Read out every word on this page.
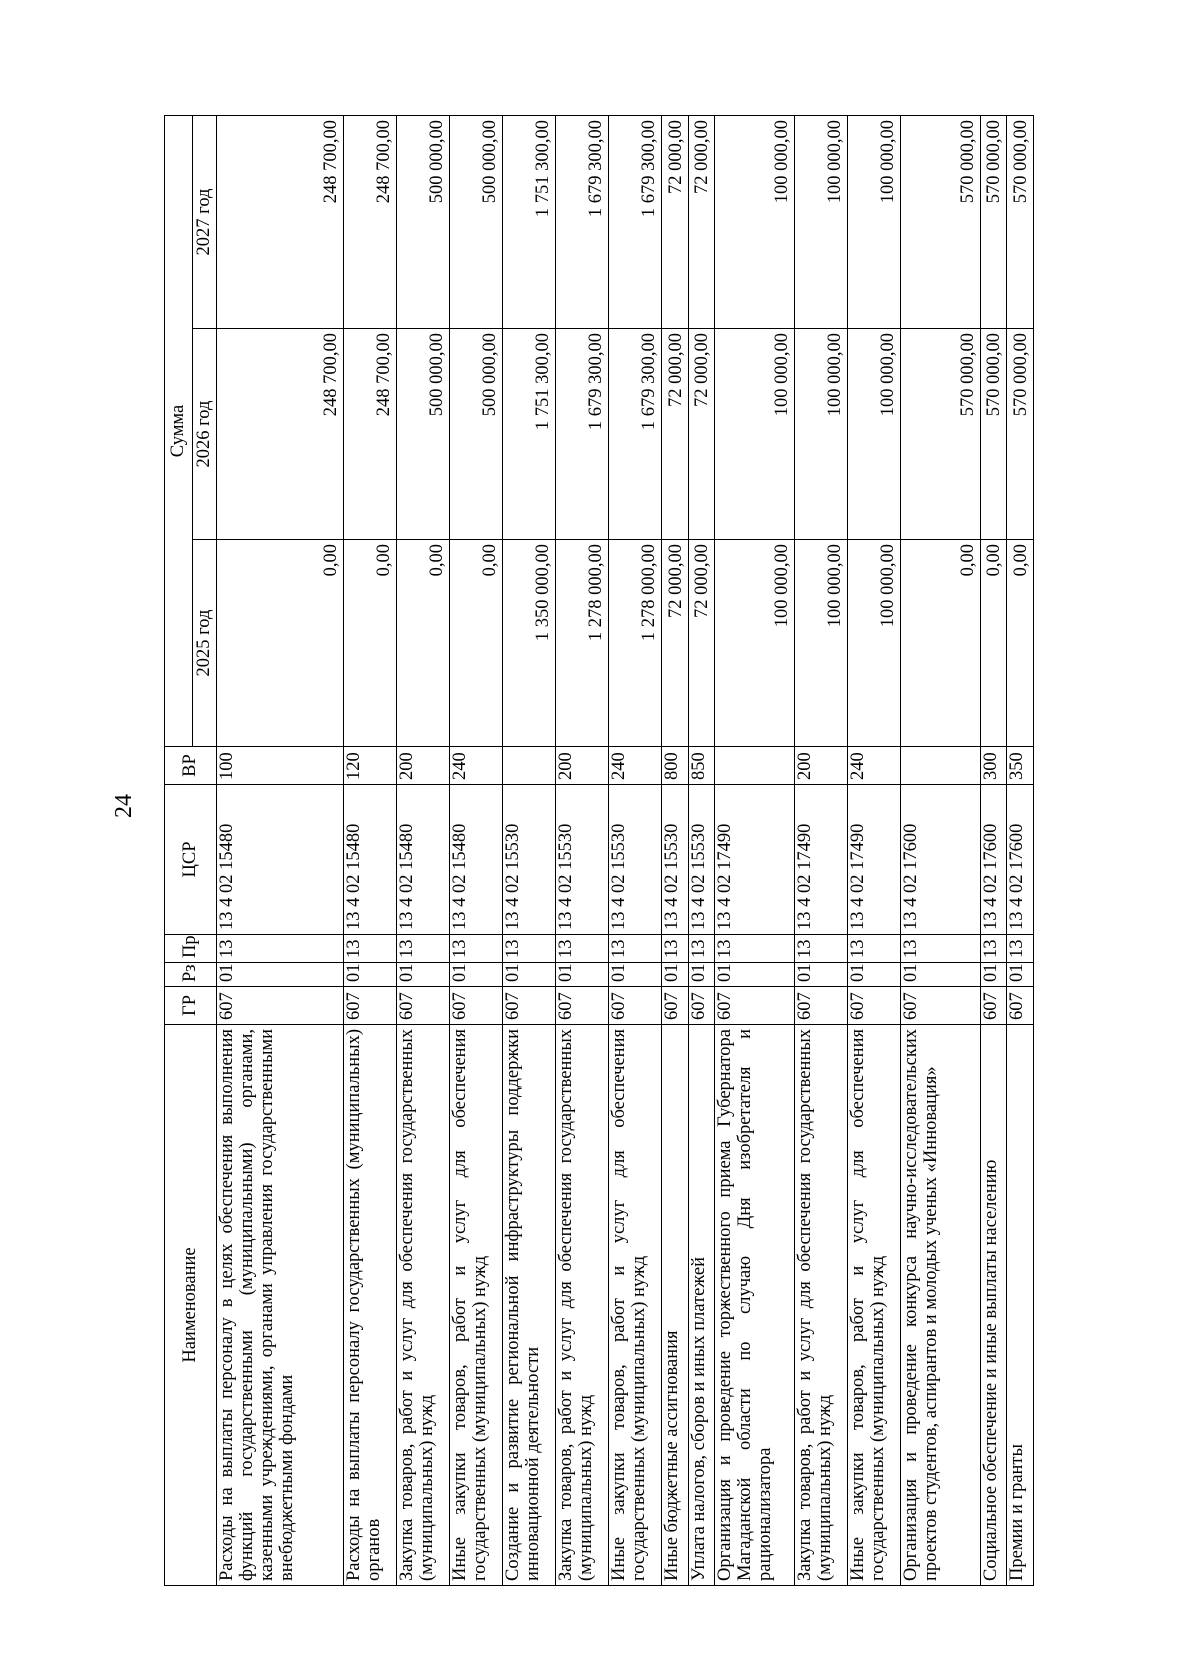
24
Наименование	ГР	Рз	Пр	ЦСР	ВР	Сумма		
						2025 год	2026 год	2027 год
Расходы на выплаты персоналу в целях обеспечения выполнения функций государственными (муниципальными) органами, казенными учреждениями, органами управления государственными внебюджетными фондами	607	01	13	13 4 02 15480	100	0,00	248 700,00	248 700,00
Расходы на выплаты персоналу государственных (муниципальных) органов	607	01	13	13 4 02 15480	120	0,00	248 700,00	248 700,00
Закупка товаров, работ и услуг для обеспечения государственных (муниципальных) нужд	607	01	13	13 4 02 15480	200	0,00	500 000,00	500 000,00
Иные закупки товаров, работ и услуг для обеспечения государственных (муниципальных) нужд	607	01	13	13 4 02 15480	240	0,00	500 000,00	500 000,00
Создание и развитие региональной инфраструктуры поддержки инновационной деятельности	607	01	13	13 4 02 15530		1 350 000,00	1 751 300,00	1 751 300,00
Закупка товаров, работ и услуг для обеспечения государственных (муниципальных) нужд	607	01	13	13 4 02 15530	200	1 278 000,00	1 679 300,00	1 679 300,00
Иные закупки товаров, работ и услуг для обеспечения государственных (муниципальных) нужд	607	01	13	13 4 02 15530	240	1 278 000,00	1 679 300,00	1 679 300,00
Иные бюджетные ассигнования	607	01	13	13 4 02 15530	800	72 000,00	72 000,00	72 000,00
Уплата налогов, сборов и иных платежей	607	01	13	13 4 02 15530	850	72 000,00	72 000,00	72 000,00
Организация и проведение торжественного приема Губернатора Магаданской области по случаю Дня изобретателя и рационализатора	607	01	13	13 4 02 17490		100 000,00	100 000,00	100 000,00
Закупка товаров, работ и услуг для обеспечения государственных (муниципальных) нужд	607	01	13	13 4 02 17490	200	100 000,00	100 000,00	100 000,00
Иные закупки товаров, работ и услуг для обеспечения государственных (муниципальных) нужд	607	01	13	13 4 02 17490	240	100 000,00	100 000,00	100 000,00
Организация и проведение конкурса научно-исследовательских проектов студентов, аспирантов и молодых ученых «Инновация»	607	01	13	13 4 02 17600		0,00	570 000,00	570 000,00
Социальное обеспечение и иные выплаты населению	607	01	13	13 4 02 17600	300	0,00	570 000,00	570 000,00
Премии и гранты	607	01	13	13 4 02 17600	350	0,00	570 000,00	570 000,00
